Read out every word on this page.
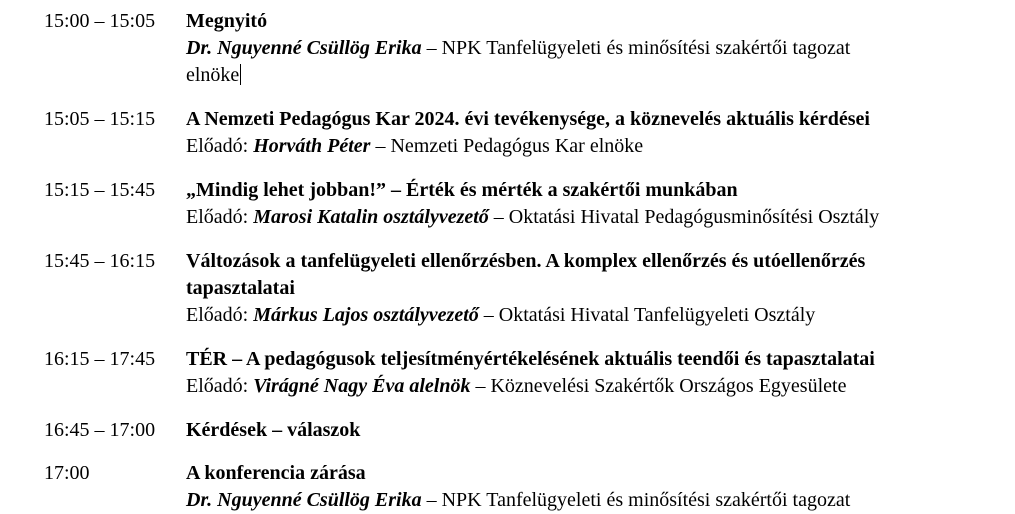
15:00 – 15:05 Megnyitó
Dr. Nguyenné Csüllög Erika – NPK Tanfelügyeleti és minősítési szakértői tagozat
elnöke
15:05 – 15:15 A Nemzeti Pedagógus Kar 2024. évi tevékenysége, a köznevelés aktuális kérdései
Előadó: Horváth Péter – Nemzeti Pedagógus Kar elnöke
15:15 – 15:45 „Mindig lehet jobban!” – Érték és mérték a szakértői munkában
Előadó: Marosi Katalin osztályvezető – Oktatási Hivatal Pedagógusminősítési Osztály
15:45 – 16:15 Változások a tanfelügyeleti ellenőrzésben. A komplex ellenőrzés és utóellenőrzés
tapasztalatai
Előadó: Márkus Lajos osztályvezető – Oktatási Hivatal Tanfelügyeleti Osztály
16:15 – 17:45 TÉR – A pedagógusok teljesítményértékelésének aktuális teendői és tapasztalatai
Előadó: Virágné Nagy Éva alelnök – Köznevelési Szakértők Országos Egyesülete
16:45 – 17:00 Kérdések – válaszok
17:00	A konferencia zárása
Dr. Nguyenné Csüllög Erika – NPK Tanfelügyeleti és minősítési szakértői tagozat
